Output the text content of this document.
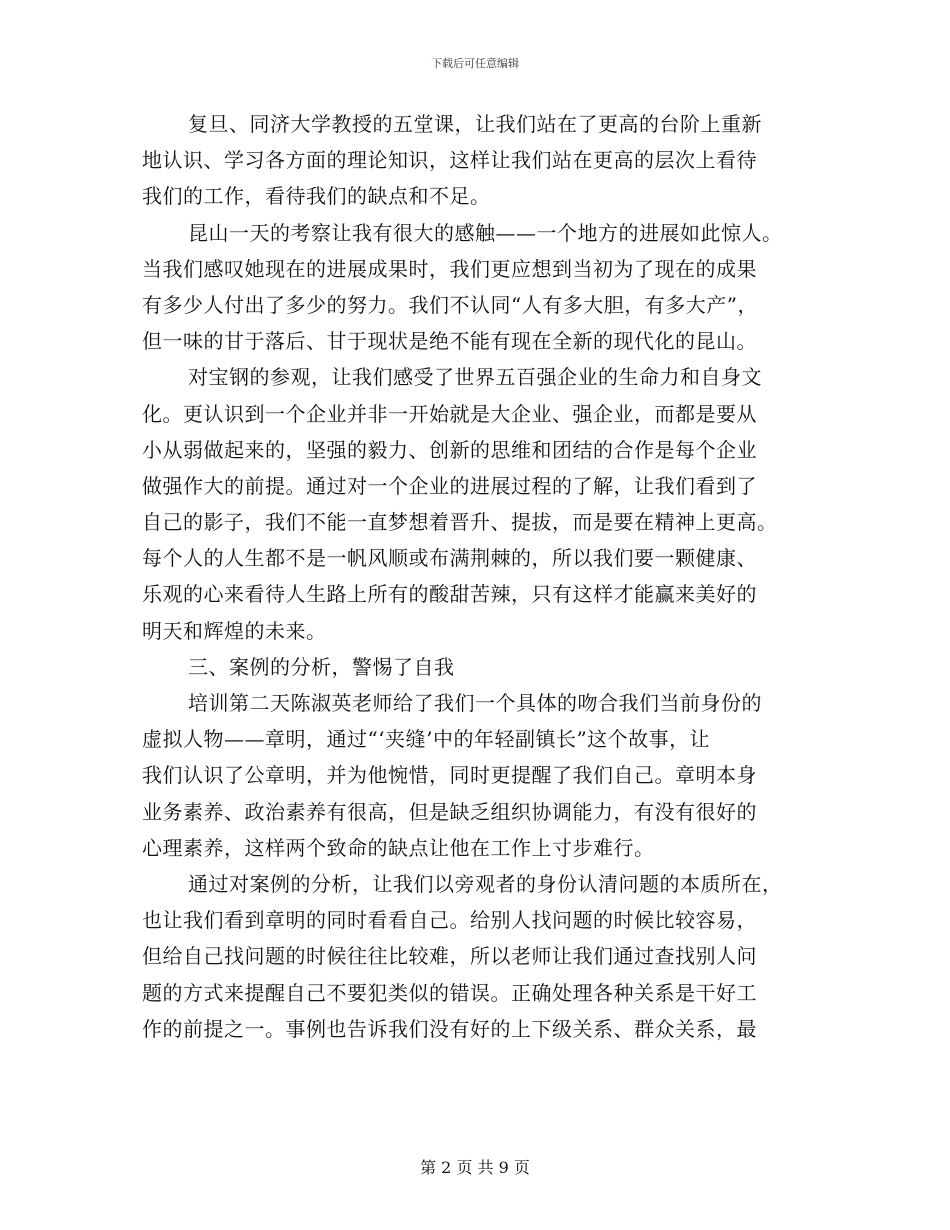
下载后可任意编辑
复旦、同济大学教授的五堂课，让我们站在了更高的台阶上重新
地认识、学习各方面的理论知识，这样让我们站在更高的层次上看待
我们的工作，看待我们的缺点和不足。
昆山一天的考察让我有很大的感触——一个地方的进展如此惊人。
当我们感叹她现在的进展成果时，我们更应想到当初为了现在的成果
有多少人付出了多少的努力。我们不认同“人有多大胆，有多大产”，
但一味的甘于落后、甘于现状是绝不能有现在全新的现代化的昆山。
对宝钢的参观，让我们感受了世界五百强企业的生命力和自身文
化。更认识到一个企业并非一开始就是大企业、强企业，而都是要从
小从弱做起来的，坚强的毅力、创新的思维和团结的合作是每个企业
做强作大的前提。通过对一个企业的进展过程的了解，让我们看到了
自己的影子，我们不能一直梦想着晋升、提拔，而是要在精神上更高。
每个人的人生都不是一帆风顺或布满荆棘的，所以我们要一颗健康、
乐观的心来看待人生路上所有的酸甜苦辣，只有这样才能赢来美好的
明天和辉煌的未来。
三、案例的分析，警惕了自我
培训第二天陈淑英老师给了我们一个具体的吻合我们当前身份的
虚拟人物——章明，通过“‘夹缝’中的年轻副镇长”这个故事，让
我们认识了公章明，并为他惋惜，同时更提醒了我们自己。章明本身
业务素养、政治素养有很高，但是缺乏组织协调能力，有没有很好的
心理素养，这样两个致命的缺点让他在工作上寸步难行。
通过对案例的分析，让我们以旁观者的身份认清问题的本质所在，
也让我们看到章明的同时看看自己。给别人找问题的时候比较容易，
但给自己找问题的时候往往比较难，所以老师让我们通过查找别人问
题的方式来提醒自己不要犯类似的错误。正确处理各种关系是干好工
作的前提之一。事例也告诉我们没有好的上下级关系、群众关系，最
第 2 页 共 9 页
